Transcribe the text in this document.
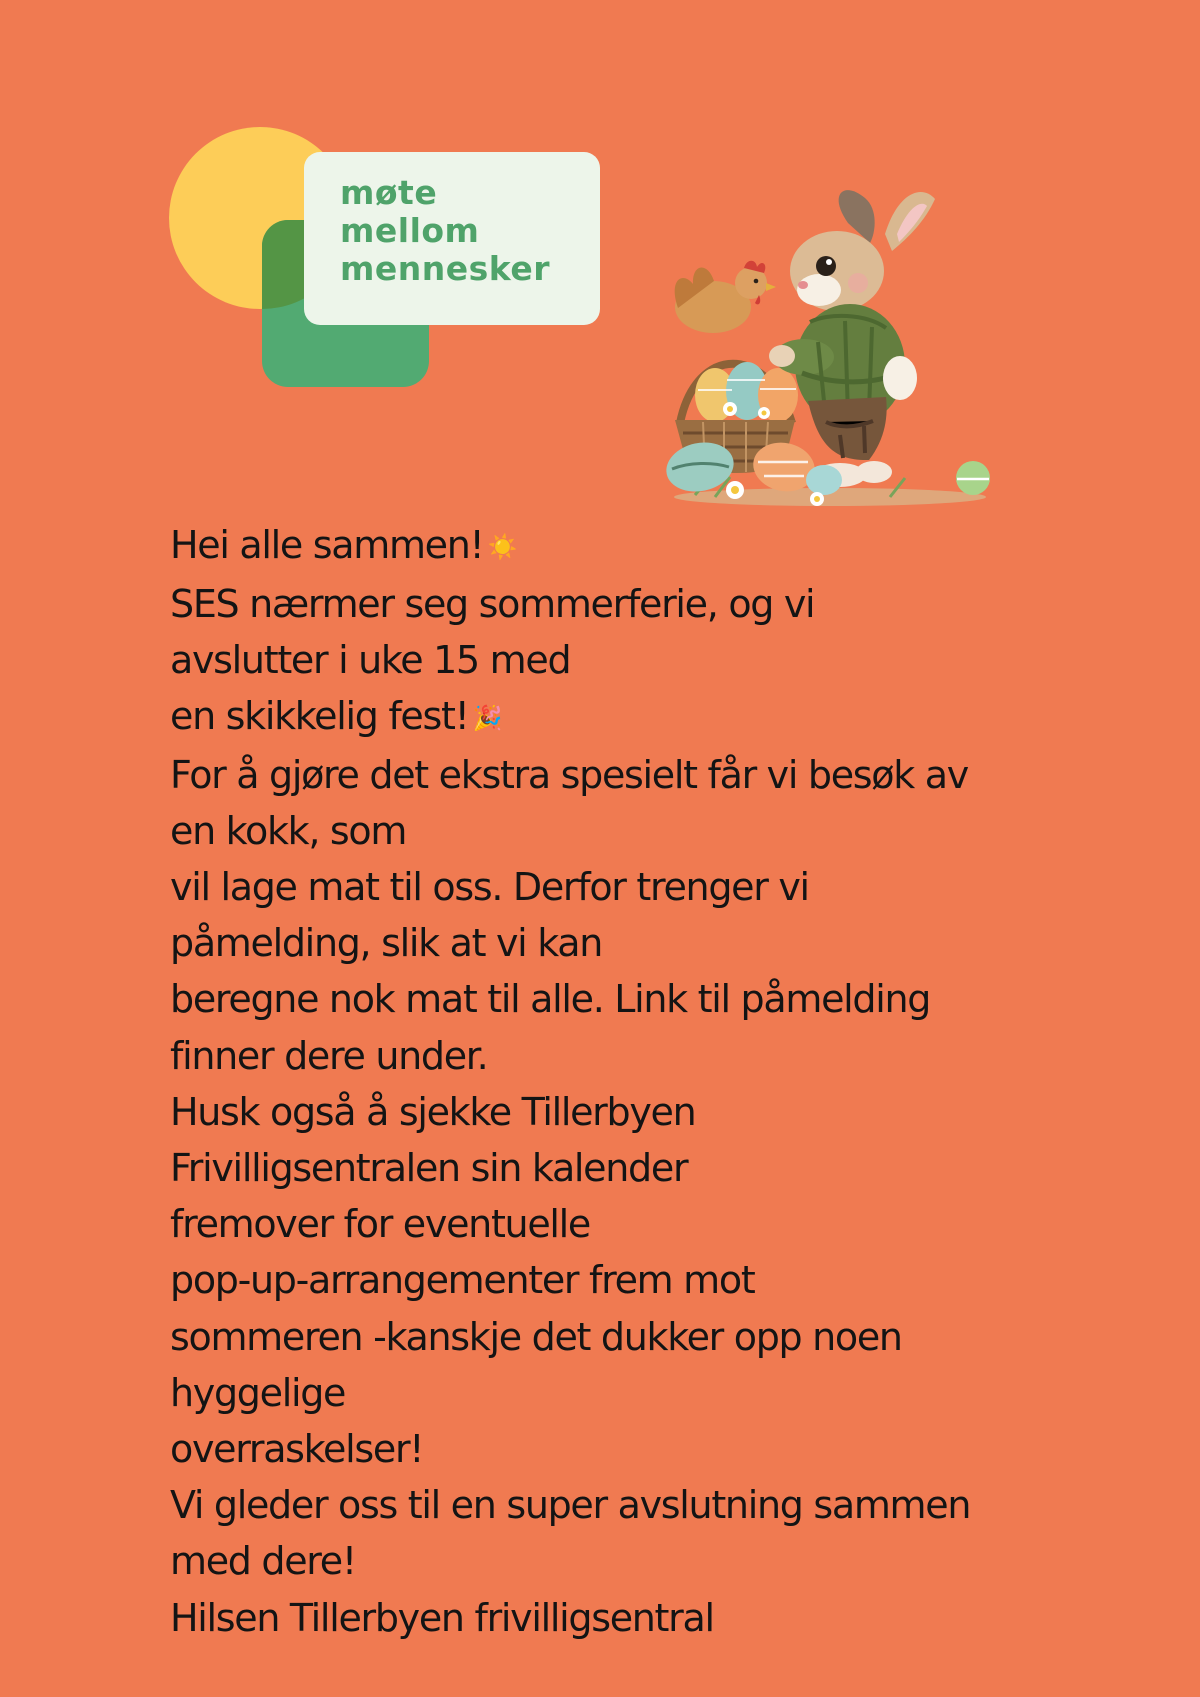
møte
mellom
mennesker
Hei alle sammen! ☀️
SES nærmer seg sommerferie, og vi
avslutter i uke 15 med
en skikkelig fest! 🎉
For å gjøre det ekstra spesielt får vi besøk av
en kokk, som
vil lage mat til oss. Derfor trenger vi
påmelding, slik at vi kan
beregne nok mat til alle. Link til påmelding
finner dere under.
Husk også å sjekke Tillerbyen
Frivilligsentralen sin kalender
fremover for eventuelle
pop-up-arrangementer frem mot
sommeren -kanskje det dukker opp noen
hyggelige
overraskelser!
Vi gleder oss til en super avslutning sammen
med dere!
Hilsen Tillerbyen frivilligsentral
